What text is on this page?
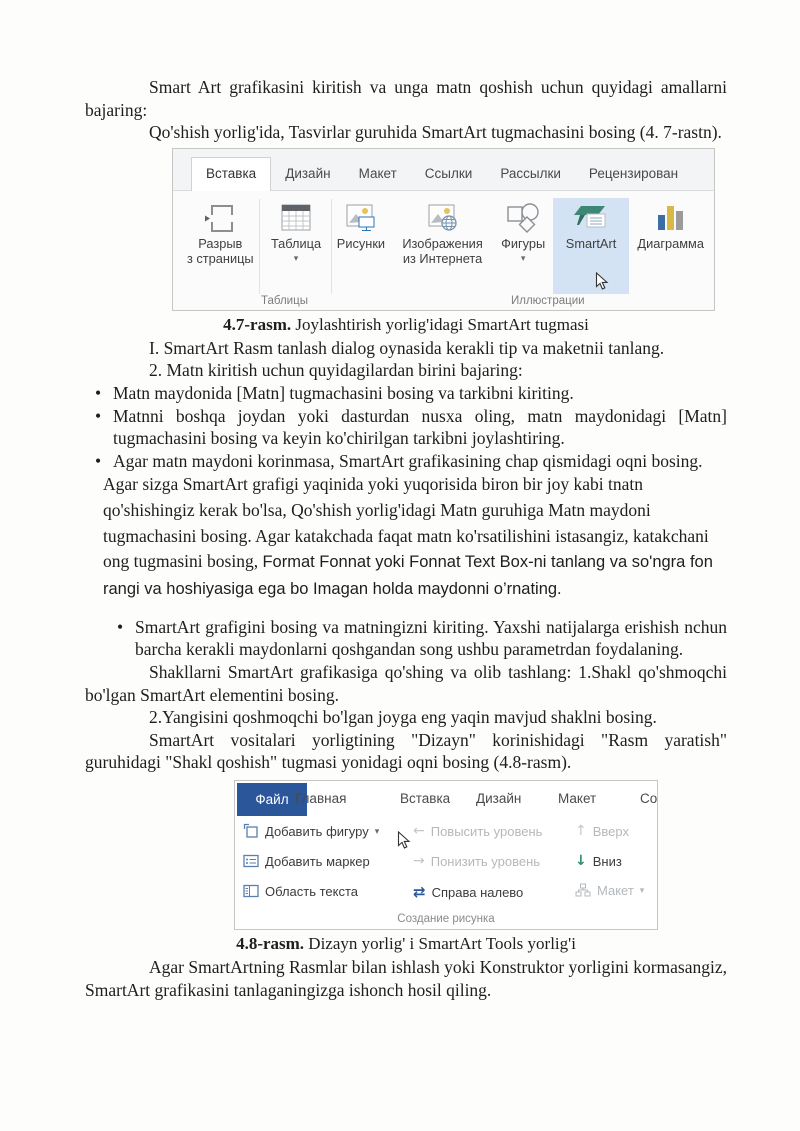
Smart Art grafikasini kiritish va unga matn qoshish uchun quyidagi amallarni bajaring:

Qo'shish yorlig'ida, Tasvirlar guruhida SmartArt tugmachasini bosing (4. 7-rastn).

Вставка	Дизайн	Макет	Ссылки	Рассылки	Рецензирован
Разрыв
з страницы
Таблица
▾
Рисунки Изображения
из Интернета
Фигуры
▾
SmartArt Диаграмма
Таблицы	Иллюстрации

4.7-rasm. Joylashtirish yorlig'idagi SmartArt tugmasi

I. SmartArt Rasm tanlash dialog oynasida kerakli tip va maketnii tanlang.

2. Matn kiritish uchun quyidagilardan birini bajaring:

• Matn maydonida [Matn] tugmachasini bosing va tarkibni kiriting.
• Matnni boshqa joydan yoki dasturdan nusxa oling, matn maydonidagi [Matn] tugmachasini bosing va keyin ko'chirilgan tarkibni joylashtiring.
• Agar matn maydoni korinmasa, SmartArt grafikasining chap qismidagi oqni bosing.

Agar sizga SmartArt grafigi yaqinida yoki yuqorisida biron bir joy kabi tnatn qo'shishingiz kerak bo'lsa, Qo'shish yorlig'idagi Matn guruhiga Matn maydoni tugmachasini bosing. Agar katakchada faqat matn ko'rsatilishini istasangiz, katakchani ong tugmasini bosing, Format Fonnat yoki Fonnat Text Box-ni tanlang va so'ngra fon rangi va hoshiyasiga ega bo Imagan holda maydonni o’rnating.

• SmartArt grafigini bosing va matningizni kiriting. Yaxshi natijalarga erishish nchun barcha kerakli maydonlarni qoshgandan song ushbu parametrdan foydalaning.

Shakllarni SmartArt grafikasiga qo'shing va olib tashlang: 1.Shakl qo'shmoqchi bo'lgan SmartArt elementini bosing.

2.Yangisini qoshmoqchi bo'lgan joyga eng yaqin mavjud shaklni bosing.

SmartArt vositalari yorligtining "Dizayn" korinishidagi "Rasm yaratish" guruhidagi "Shakl qoshish" tugmasi yonidagi oqni bosing (4.8-rasm).

Файл Главная	Вставка Дизайн	Макет	Со
Добавить фигуру ▾
Добавить маркер
Область текста
← Повысить уровень
→ Понизить уровень
⇄ Справа налево
↑ Вверх
↓ Вниз
Макет ▾
Создание рисунка

4.8-rasm. Dizayn yorlig' i SmartArt Tools yorlig'i

Agar SmartArtning Rasmlar bilan ishlash yoki Konstruktor yorligini kormasangiz, SmartArt grafikasini tanlaganingizga ishonch hosil qiling.
